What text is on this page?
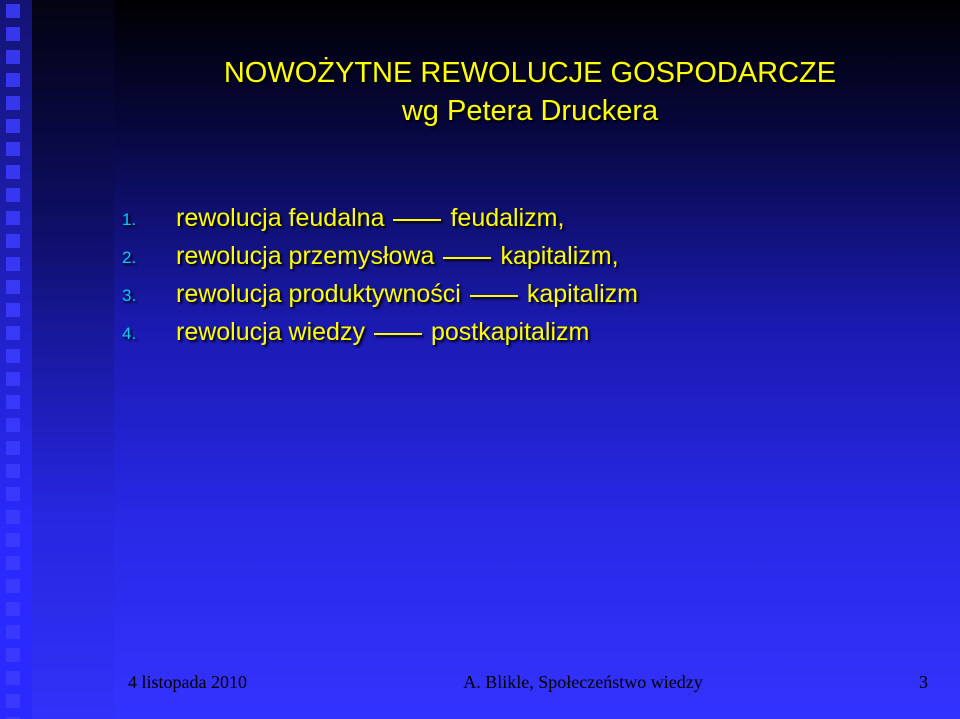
NOWOŻYTNE REWOLUCJE GOSPODARCZE
wg Petera Druckera
1.	rewolucja feudalna	feudalizm,
2.	rewolucja przemysłowa	kapitalizm,
3.	rewolucja produktywności	kapitalizm
4.	rewolucja wiedzy	postkapitalizm
4 listopada 2010	A. Blikle, Społeczeństwo wiedzy	3
